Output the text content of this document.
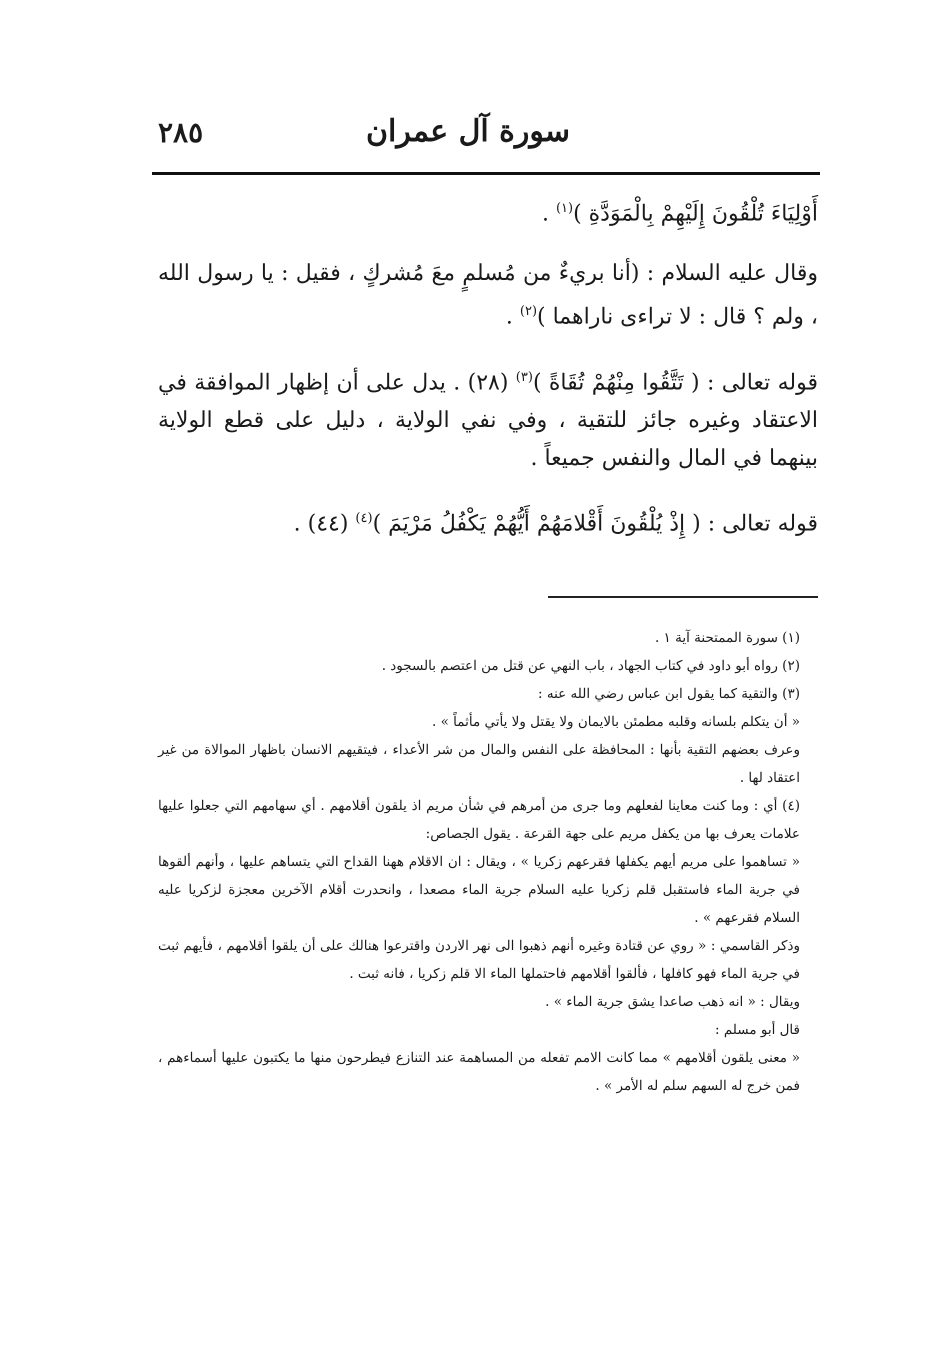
٢٨٥	سورة آل عمران

أَوْلِيَاءَ تُلْقُونَ إِلَيْهِمْ بِالْمَوَدَّةِ )$^{(١)}$ .

وقال عليه السلام : (أنا بريءٌ من مُسلمٍ معَ مُشركٍ ، فقيل : يا رسول الله ، ولم ؟ قال : لا تراءى ناراهما )$^{(٢)}$ .

قوله تعالى : ( تَتَّقُوا مِنْهُمْ تُقَاةً )$^{(٣)}$ (٢٨) . يدل على أن إظهار الموافقة في الاعتقاد وغيره جائز للتقية ، وفي نفي الولاية ، دليل على قطع الولاية بينهما في المال والنفس جميعاً .

قوله تعالى : ( إِذْ يُلْقُونَ أَقْلامَهُمْ أَيُّهُمْ يَكْفُلُ مَرْيَمَ )$^{(٤)}$ (٤٤) .

(١) سورة الممتحنة آية ١ .

(٢) رواه أبو داود في كتاب الجهاد ، باب النهي عن قتل من اعتصم بالسجود .

(٣) والتقية كما يقول ابن عباس رضي الله عنه :

« أن يتكلم بلسانه وقلبه مطمئن بالايمان ولا يقتل ولا يأتي مأثماً » .

وعرف بعضهم التقية بأنها : المحافظة على النفس والمال من شر الأعداء ، فيتقيهم الانسان باظهار الموالاة من غير اعتقاد لها .

(٤) أي : وما كنت معاينا لفعلهم وما جرى من أمرهم في شأن مريم اذ يلقون أقلامهم . أي سهامهم التي جعلوا عليها علامات يعرف بها من يكفل مريم على جهة القرعة . يقول الجصاص:

« تساهموا على مريم أيهم يكفلها فقرعهم زكريا » ، ويقال : ان الاقلام ههنا القداح التي يتساهم عليها ، وأنهم ألقوها في جرية الماء فاستقبل قلم زكريا عليه السلام جرية الماء مصعدا ، وانحدرت أقلام الآخرين معجزة لزكريا عليه السلام فقرعهم » .

وذكر القاسمي : « روي عن قتادة وغيره أنهم ذهبوا الى نهر الاردن واقترعوا هنالك على أن يلقوا أقلامهم ، فأيهم ثبت في جرية الماء فهو كافلها ، فألقوا أقلامهم فاحتملها الماء الا قلم زكريا ، فانه ثبت .

ويقال : « انه ذهب صاعدا يشق جرية الماء » .

قال أبو مسلم :

« معنى يلقون أقلامهم » مما كانت الامم تفعله من المساهمة عند التنازع فيطرحون منها ما يكتبون عليها أسماءهم ، فمن خرج له السهم سلم له الأمر » .
